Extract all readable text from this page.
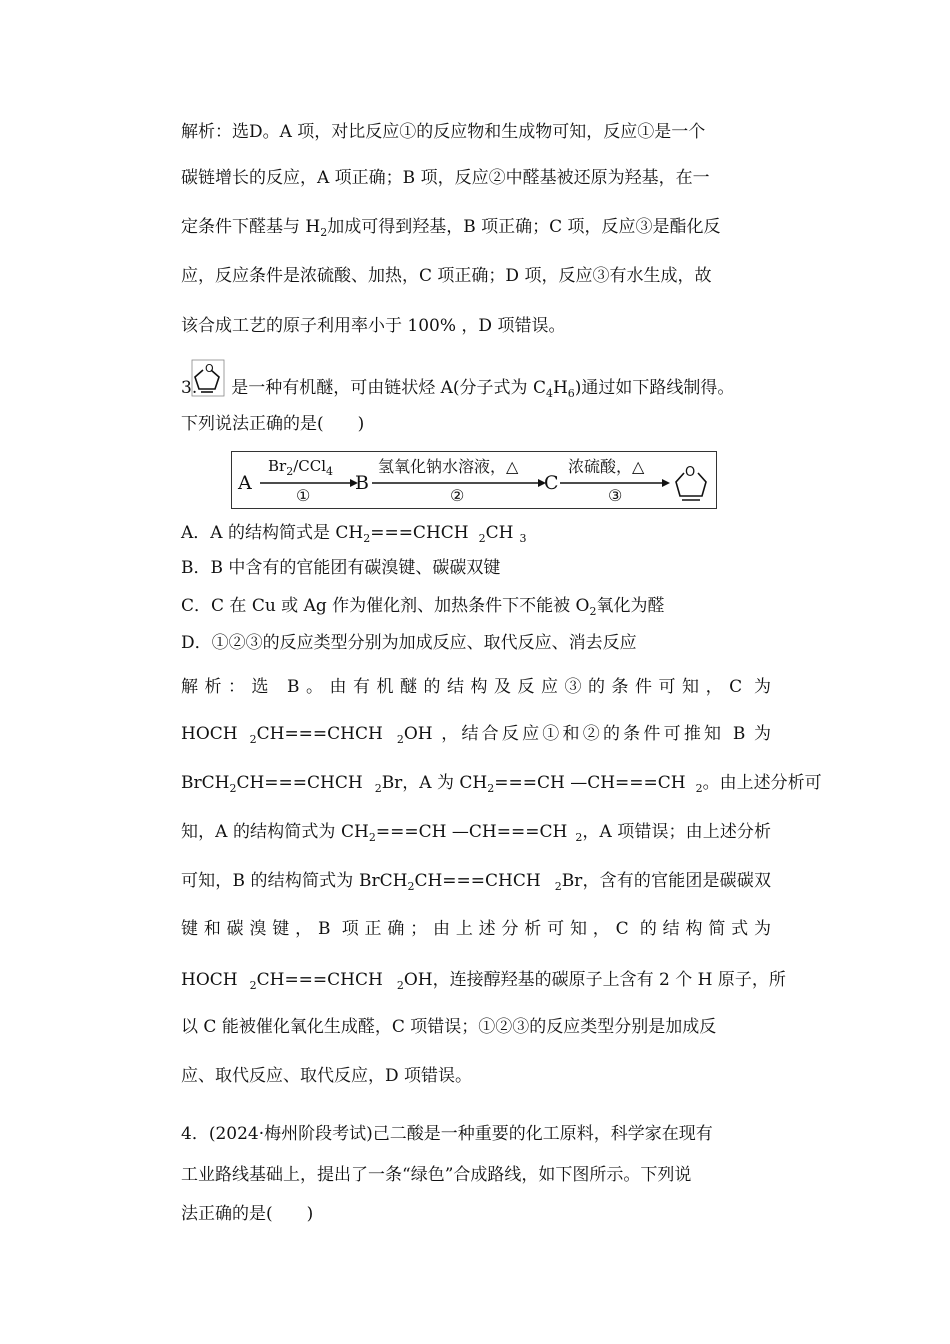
解析：选D。A 项，对比反应①的反应物和生成物可知，反应①是一个
碳链增长的反应，A 项正确；B 项，反应②中醛基被还原为羟基，在一
定条件下醛基与 $H_2$加成可得到羟基，B 项正确；C 项，反应③是酯化反
应，反应条件是浓硫酸、加热，C 项正确；D 项，反应③有水生成，故
该合成工艺的原子利用率小于 100% ，D 项错误。
3. 是一种有机醚，可由链状烃 A(分子式为 $C_4H_6$)通过如下路线制得。
O
下列说法正确的是(　　)
O
A	B	C
$Br_2/CCl_4$
①
氢氧化钠水溶液，△
②
浓硫酸，△
③
A．A 的结构简式是 $CH_2===CHCH$ $_2$CH $_3$
B．B 中含有的官能团有碳溴键、碳碳双键
C．C 在 Cu 或 Ag 作为催化剂、加热条件下不能被 $O_2$氧化为醛
D．①②③的反应类型分别为加成反应、取代反应、消去反应
解析：选 B。由有机醚的结构及反应③的条件可知，C 为
HOCH $_2$CH===CHCH $_2$OH ，结合反应①和②的条件可推知 B 为
BrCH$_2$CH===CHCH $_2$Br，A 为 $CH_2===CH$ —CH===CH $_2$。由上述分析可
知，A 的结构简式为 $CH_2===CH$ —CH===CH $_2$，A 项错误；由上述分析
可知，B 的结构简式为 BrCH$_2$CH===CHCH $_2$Br，含有的官能团是碳碳双
键和碳溴键，B 项正确；由上述分析可知，C 的结构简式为
HOCH $_2$CH===CHCH $_2$OH，连接醇羟基的碳原子上含有 2 个 H 原子，所
以 C 能被催化氧化生成醛，C 项错误；①②③的反应类型分别是加成反
应、取代反应、取代反应，D 项错误。
4．(2024·梅州阶段考试)己二酸是一种重要的化工原料，科学家在现有
工业路线基础上，提出了一条“绿色”合成路线，如下图所示。下列说
法正确的是(　　)
